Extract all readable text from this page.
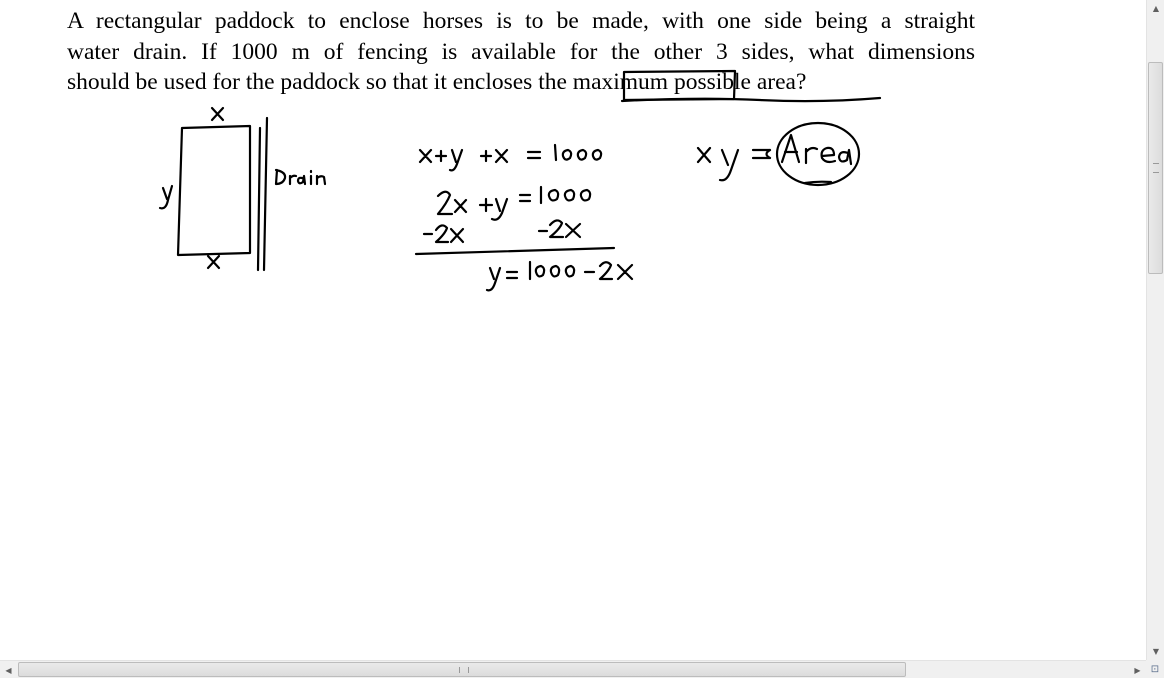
A rectangular paddock to enclose horses is to be made, with one side being a straight
water drain. If 1000 m of fencing is available for the other 3 sides, what dimensions
should be used for the paddock so that it encloses the maximum possible area?
▲
▼
◀	▶	⊡
